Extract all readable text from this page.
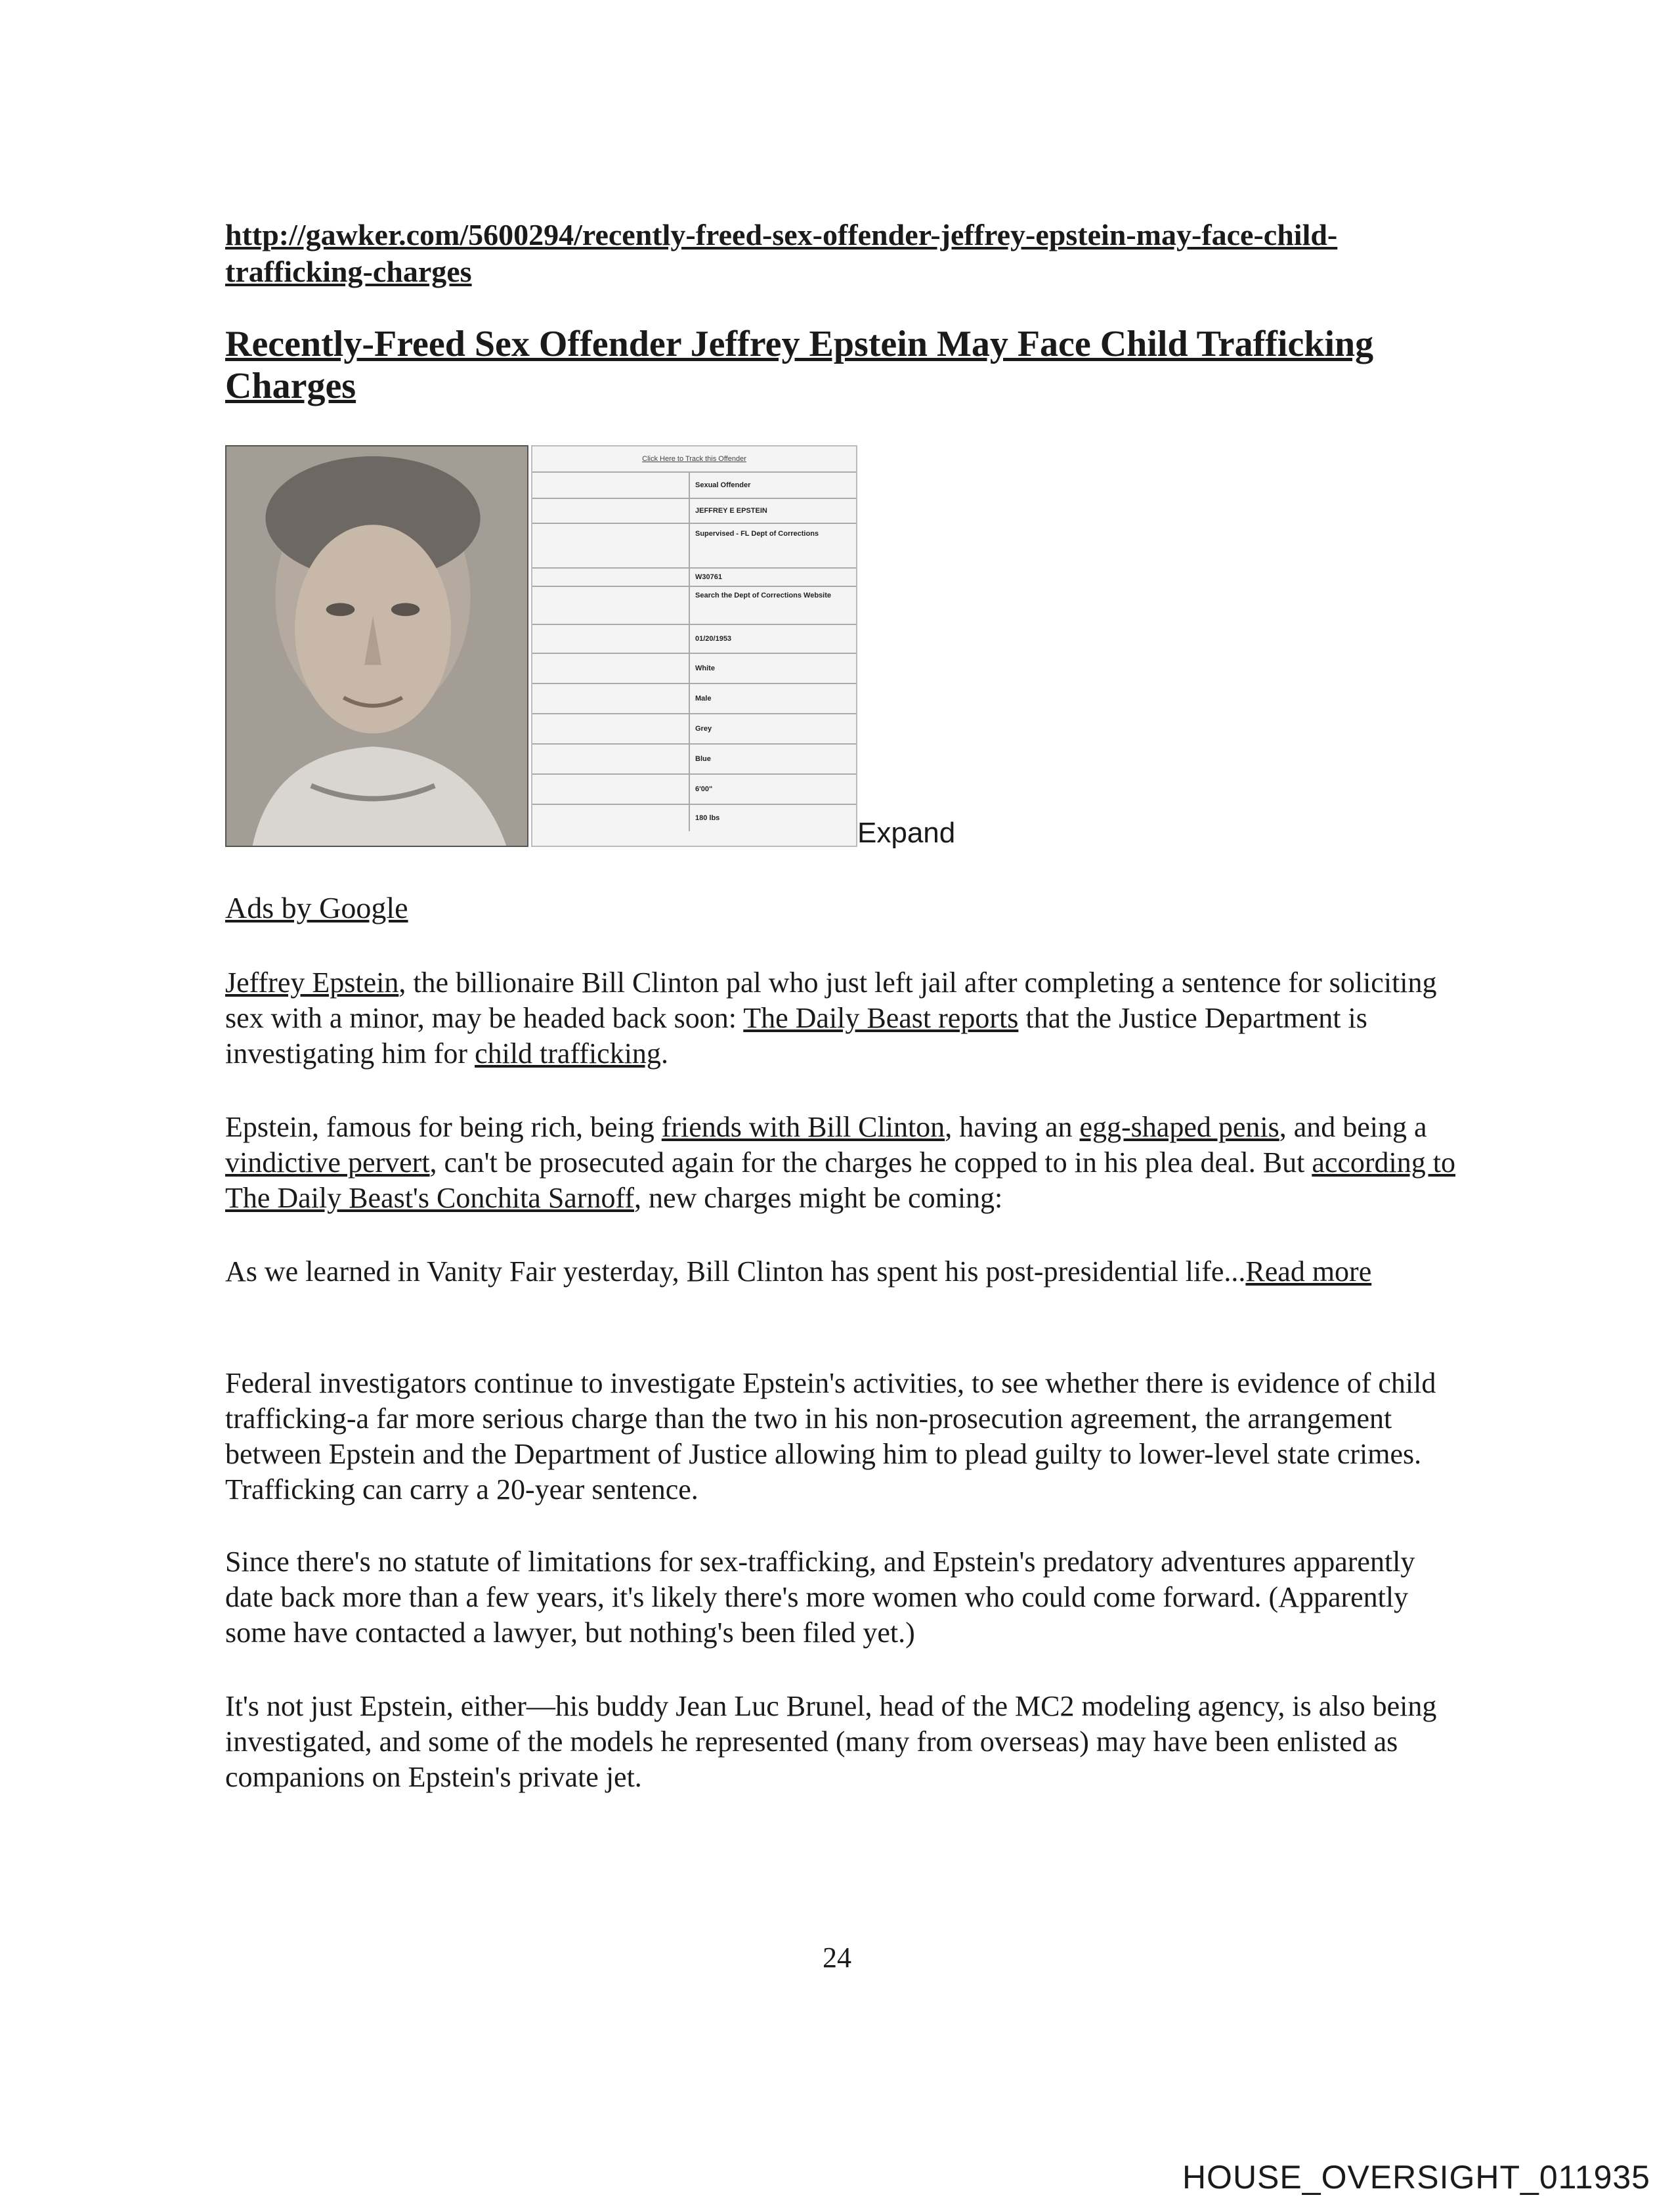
http://gawker.com/5600294/recently-freed-sex-offender-jeffrey-epstein-may-face-child-trafficking-charges
Recently-Freed Sex Offender Jeffrey Epstein May Face Child Trafficking Charges
Click Here to Track this Offender
Sexual Offender
JEFFREY E EPSTEIN
Supervised - FL Dept of Corrections
W30761
Search the Dept of Corrections Website
01/20/1953
White
Male
Grey
Blue
6'00"
180 lbs	Expand
Ads by Google

Jeffrey Epstein, the billionaire Bill Clinton pal who just left jail after completing a sentence for soliciting sex with a minor, may be headed back soon: The Daily Beast reports that the Justice Department is investigating him for child trafficking.

Epstein, famous for being rich, being friends with Bill Clinton, having an egg-shaped penis, and being a vindictive pervert, can't be prosecuted again for the charges he copped to in his plea deal. But according to The Daily Beast's Conchita Sarnoff, new charges might be coming:

As we learned in Vanity Fair yesterday, Bill Clinton has spent his post-presidential life...Read more

Federal investigators continue to investigate Epstein's activities, to see whether there is evidence of child trafficking-a far more serious charge than the two in his non-prosecution agreement, the arrangement between Epstein and the Department of Justice allowing him to plead guilty to lower-level state crimes. Trafficking can carry a 20-year sentence.

Since there's no statute of limitations for sex-trafficking, and Epstein's predatory adventures apparently date back more than a few years, it's likely there's more women who could come forward. (Apparently some have contacted a lawyer, but nothing's been filed yet.)

It's not just Epstein, either—his buddy Jean Luc Brunel, head of the MC2 modeling agency, is also being investigated, and some of the models he represented (many from overseas) may have been enlisted as companions on Epstein's private jet.

24
HOUSE_OVERSIGHT_011935
